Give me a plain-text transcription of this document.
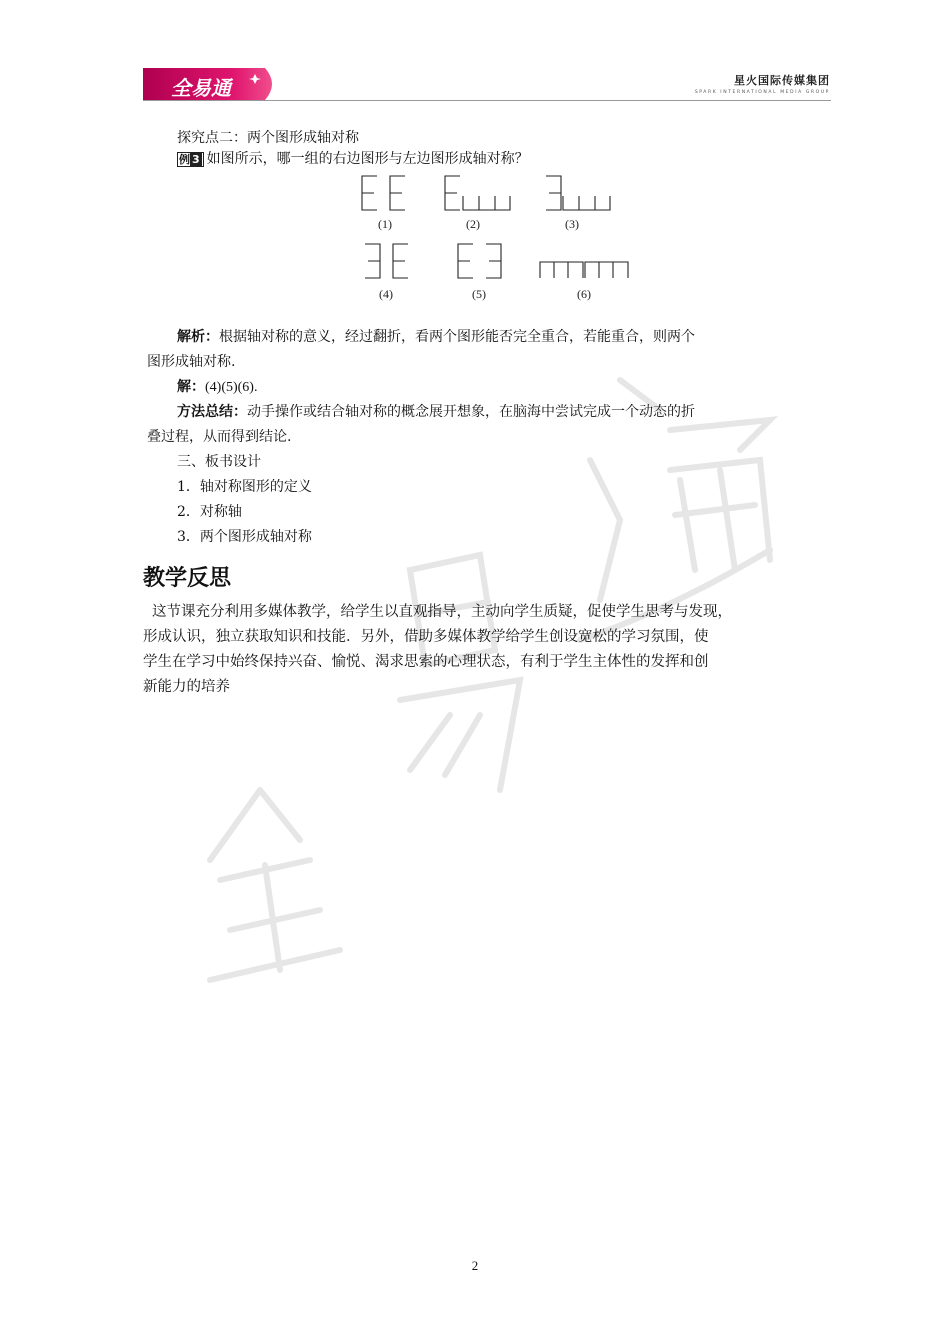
全易通
全易通	星火国际传媒集团
SPARK INTERNATIONAL MEDIA GROUP
探究点二：两个图形成轴对称
例 3 如图所示，哪一组的右边图形与左边图形成轴对称？
(1)	(2)	(3)
(4)	(5)	(6)
解析：根据轴对称的意义，经过翻折，看两个图形能否完全重合，若能重合，则两个
图形成轴对称.
解：(4)(5)(6).
方法总结：动手操作或结合轴对称的概念展开想象，在脑海中尝试完成一个动态的折
叠过程，从而得到结论.
三、板书设计
1．轴对称图形的定义
2．对称轴
3．两个图形成轴对称
教学反思
这节课充分利用多媒体教学，给学生以直观指导，主动向学生质疑，促使学生思考与发现，
形成认识，独立获取知识和技能．另外，借助多媒体教学给学生创设宽松的学习氛围，使
学生在学习中始终保持兴奋、愉悦、渴求思索的心理状态，有利于学生主体性的发挥和创
新能力的培养
2
